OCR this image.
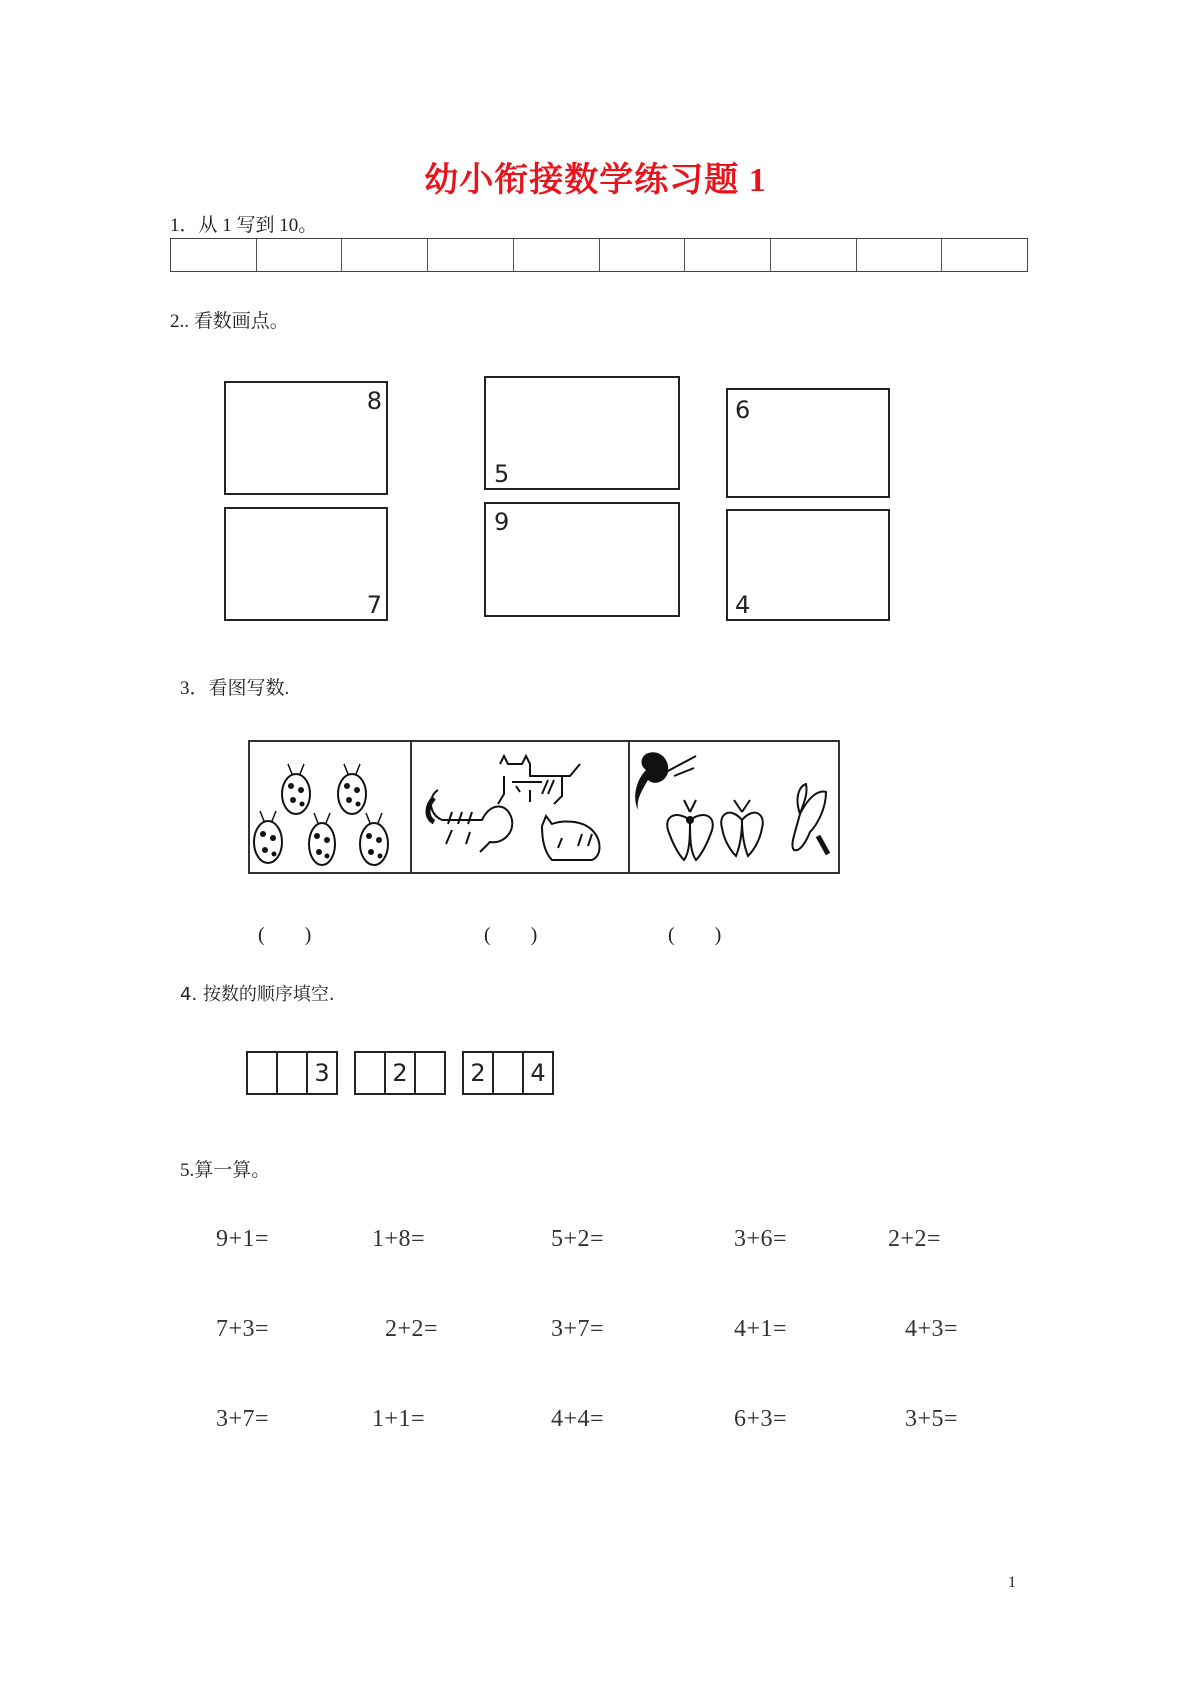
幼小衔接数学练习题 1
1．从 1 写到 10。
2.. 看数画点。
8
7
5
9
6
4
3．看图写数.
(　　)	(　　)	(　　)
4. 按数的顺序填空.
3	2	2	4
5.算一算。
9+1=	1+8=	5+2=	3+6=	2+2=
7+3=	2+2=	3+7=	4+1=	4+3=
3+7=	1+1=	4+4=	6+3=	3+5=
1
